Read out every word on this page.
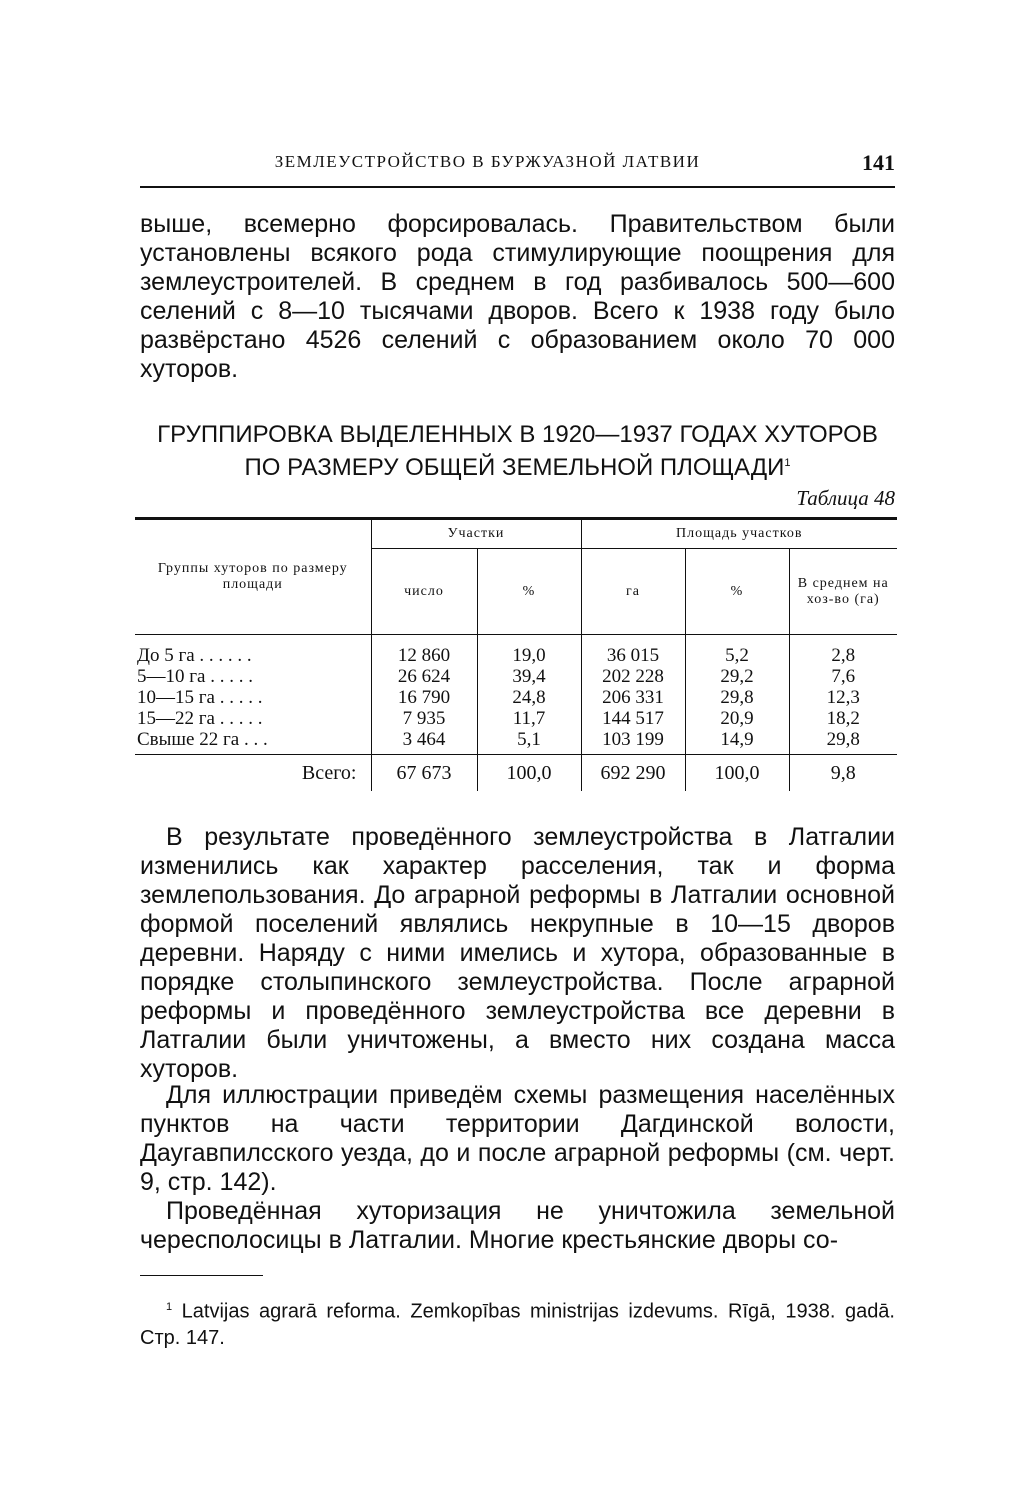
ЗЕМЛЕУСТРОЙСТВО В БУРЖУАЗНОЙ ЛАТВИИ	141

выше, всемерно форсировалась. Правительством были установлены всякого рода стимулирующие поощрения для землеустроителей. В среднем в год разбивалось 500—600 селений с 8—10 тысячами дворов. Всего к 1938 году было развёрстано 4526 селений с образованием около 70 000 хуторов.

ГРУППИРОВКА ВЫДЕЛЕННЫХ В 1920—1937 ГОДАХ ХУТОРОВ
ПО РАЗМЕРУ ОБЩЕЙ ЗЕМЕЛЬНОЙ ПЛОЩАДИ$^1$
Таблица 48
Группы хуторов по размеру площади	Участки		Площадь участков		
	число	%	га	%	В среднем на хоз-во (га)
До 5 га . . . . . .	12 860	19,0	36 015	5,2	2,8
5—10 га . . . . .	26 624	39,4	202 228	29,2	7,6
10—15 га . . . . .	16 790	24,8	206 331	29,8	12,3
15—22 га . . . . .	7 935	11,7	144 517	20,9	18,2
Свыше 22 га . . .	3 464	5,1	103 199	14,9	29,8
Всего:	67 673	100,0	692 290	100,0	9,8

В результате проведённого землеустройства в Латгалии изменились как характер расселения, так и форма землепользования. До аграрной реформы в Латгалии основной формой поселений являлись некрупные в 10—15 дворов деревни. Наряду с ними имелись и хутора, образованные в порядке столыпинского землеустройства. После аграрной реформы и проведённого землеустройства все деревни в Латгалии были уничтожены, а вместо них создана масса хуторов.

Для иллюстрации приведём схемы размещения населённых пунктов на части территории Дагдинской волости, Даугавпилсского уезда, до и после аграрной реформы (см. черт. 9, стр. 142).

Проведённая хуторизация не уничтожила земельной чересполосицы в Латгалии. Многие крестьянские дворы со-

$^1$ Latvijas agrarā reforma. Zemkopības ministrijas izdevums. Rīgā, 1938. gadā. Стр. 147.
